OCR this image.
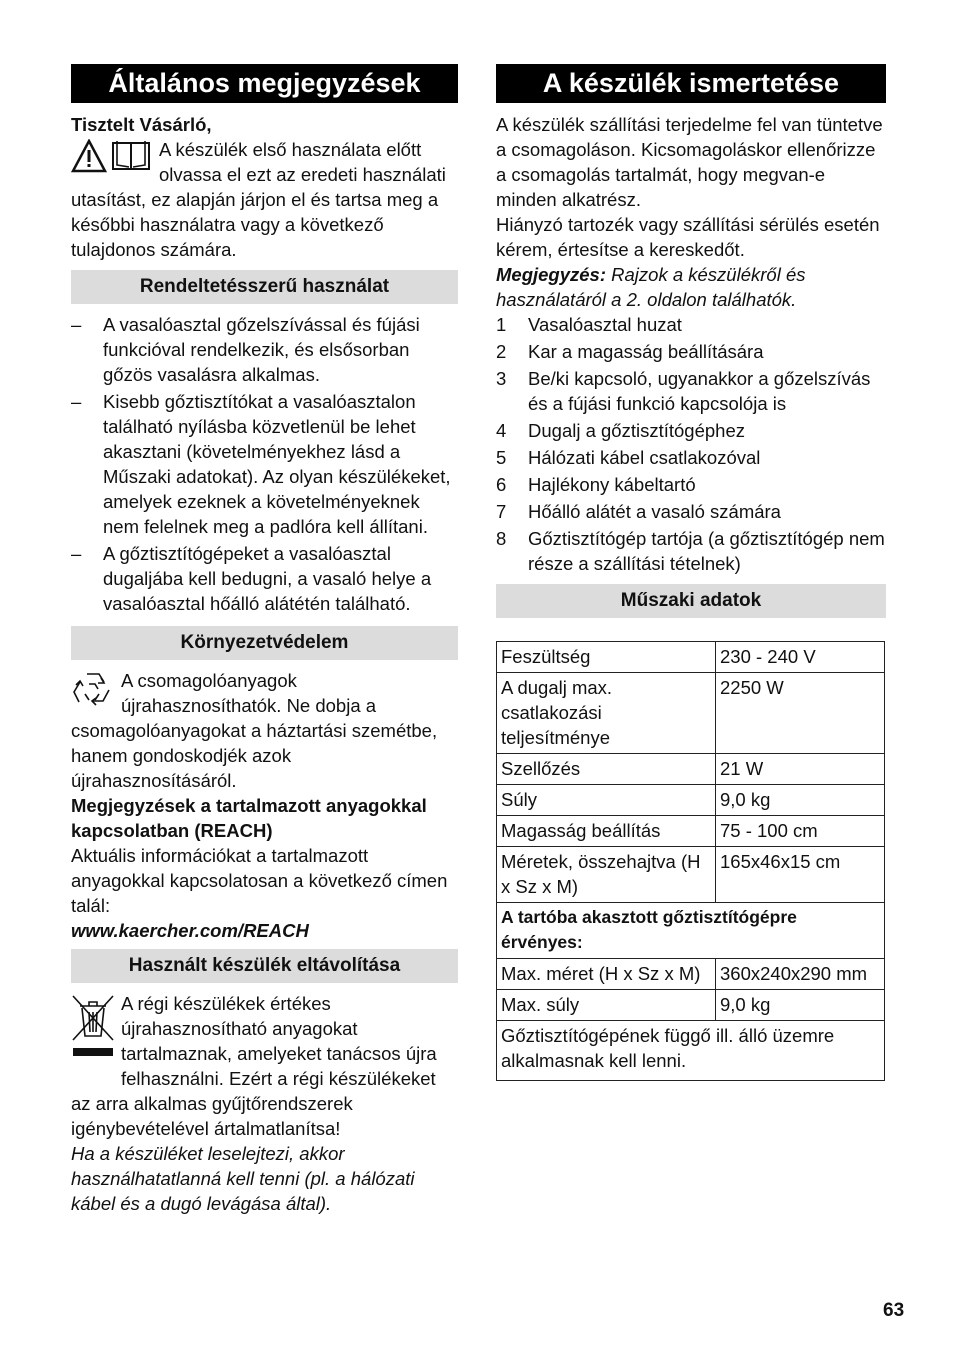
Általános megjegyzések

Tisztelt Vásárló,

A készülék első használata előtt olvassa el ezt az eredeti használati utasítást, ez alapján járjon el és tartsa meg a későbbi használatra vagy a következő tulajdonos számára.
Rendeltetésszerű használat
– A vasalóasztal gőzelszívással és fújási funkcióval rendelkezik, és elsősorban gőzös vasalásra alkalmas.
– Kisebb gőztisztítókat a vasalóasztalon található nyílásba közvetlenül be lehet akasztani (követelményekhez lásd a Műszaki adatokat). Az olyan készülékeket, amelyek ezeknek a követelményeknek nem felelnek meg a padlóra kell állítani.
– A gőztisztítógépeket a vasalóasztal dugaljába kell bedugni, a vasaló helye a vasalóasztal hőálló alátétén található.
Környezetvédelem
A csomagolóanyagok újrahasznosíthatók. Ne dobja a csomagolóanyagokat a háztartási szemétbe, hanem gondoskodjék azok újrahasznosításáról.

Megjegyzések a tartalmazott anyagokkal kapcsolatban (REACH)

Aktuális információkat a tartalmazott anyagokkal kapcsolatosan a következő címen talál:

www.kaercher.com/REACH

Használt készülék eltávolítása
A régi készülékek értékes újrahasznosítható anyagokat tartalmaznak, amelyeket tanácsos újra felhasználni. Ezért a régi készülékeket az arra alkalmas gyűjtőrendszerek igénybevételével ártalmatlanítsa!

Ha a készüléket leselejtezi, akkor használhatatlanná kell tenni (pl. a hálózati kábel és a dugó levágása által).

A készülék ismertetése

A készülék szállítási terjedelme fel van tüntetve a csomagoláson. Kicsomagoláskor ellenőrizze a csomagolás tartalmát, hogy megvan-e minden alkatrész.

Hiányzó tartozék vagy szállítási sérülés esetén kérem, értesítse a kereskedőt.

Megjegyzés: Rajzok a készülékről és használatáról a 2. oldalon találhatók.

1 Vasalóasztal huzat
2 Kar a magasság beállítására
3 Be/ki kapcsoló, ugyanakkor a gőzelszívás és a fújási funkció kapcsolója is
4 Dugalj a gőztisztítógéphez
5 Hálózati kábel csatlakozóval
6 Hajlékony kábeltartó
7 Hőálló alátét a vasaló számára
8 Gőztisztítógép tartója (a gőztisztítógép nem része a szállítási tételnek)
Műszaki adatok
Feszültség	230 - 240 V
A dugalj max. csatlakozási teljesítménye	2250 W
Szellőzés	21 W
Súly	9,0 kg
Magasság beállítás	75 - 100 cm
Méretek, összehajtva (H x Sz x M)	165x46x15 cm
A tartóba akasztott gőztisztítógépre érvényes:	
Max. méret (H x Sz x M)	360x240x290 mm
Max. súly	9,0 kg
Gőztisztítógépének függő ill. álló üzemre alkalmasnak kell lenni.	
63
